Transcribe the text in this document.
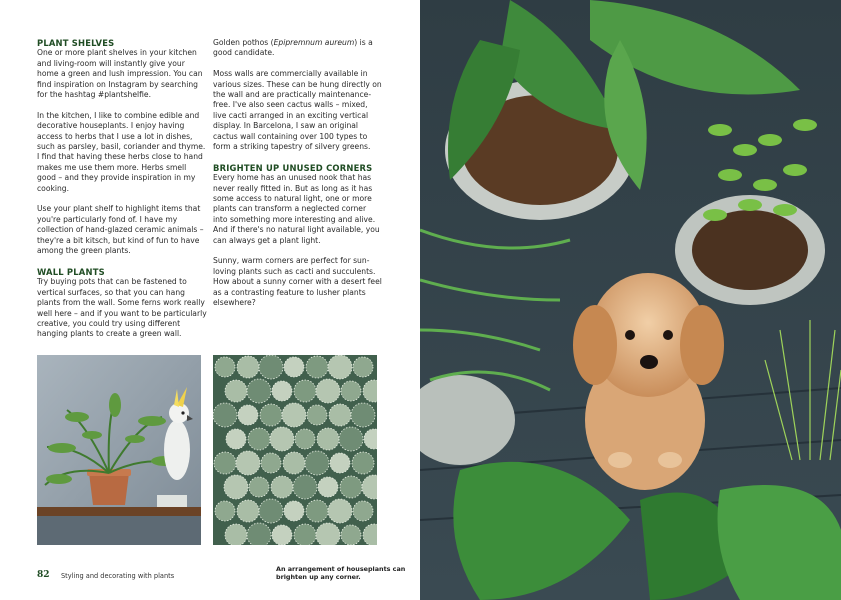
PLANT SHELVES

One or more plant shelves in your kitchen and living-room will instantly give your home a green and lush impression. You can find inspiration on Instagram by searching for the hashtag #plantshelfie.

In the kitchen, I like to combine edible and decorative houseplants. I enjoy having access to herbs that I use a lot in dishes, such as parsley, basil, coriander and thyme. I find that having these herbs close to hand makes me use them more. Herbs smell good – and they provide inspiration in my cooking.

Use your plant shelf to highlight items that you're particularly fond of. I have my collection of hand-glazed ceramic animals – they're a bit kitsch, but kind of fun to have among the green plants.

WALL PLANTS

Try buying pots that can be fastened to vertical surfaces, so that you can hang plants from the wall. Some ferns work really well here – and if you want to be particularly creative, you could try using different hanging plants to create a green wall.

Golden pothos (Epipremnum aureum) is a good candidate.

Moss walls are commercially available in various sizes. These can be hung directly on the wall and are practically maintenance-free. I've also seen cactus walls – mixed, live cacti arranged in an exciting vertical display. In Barcelona, I saw an original cactus wall containing over 100 types to form a striking tapestry of silvery greens.

BRIGHTEN UP UNUSED CORNERS

Every home has an unused nook that has never really fitted in. But as long as it has some access to natural light, one or more plants can transform a neglected corner into something more interesting and alive. And if there's no natural light available, you can always get a plant light.

Sunny, warm corners are perfect for sun-loving plants such as cacti and succulents. How about a sunny corner with a desert feel as a contrasting feature to lusher plants elsewhere?

82 Styling and decorating with plants
An arrangement of houseplants can brighten up any corner.
